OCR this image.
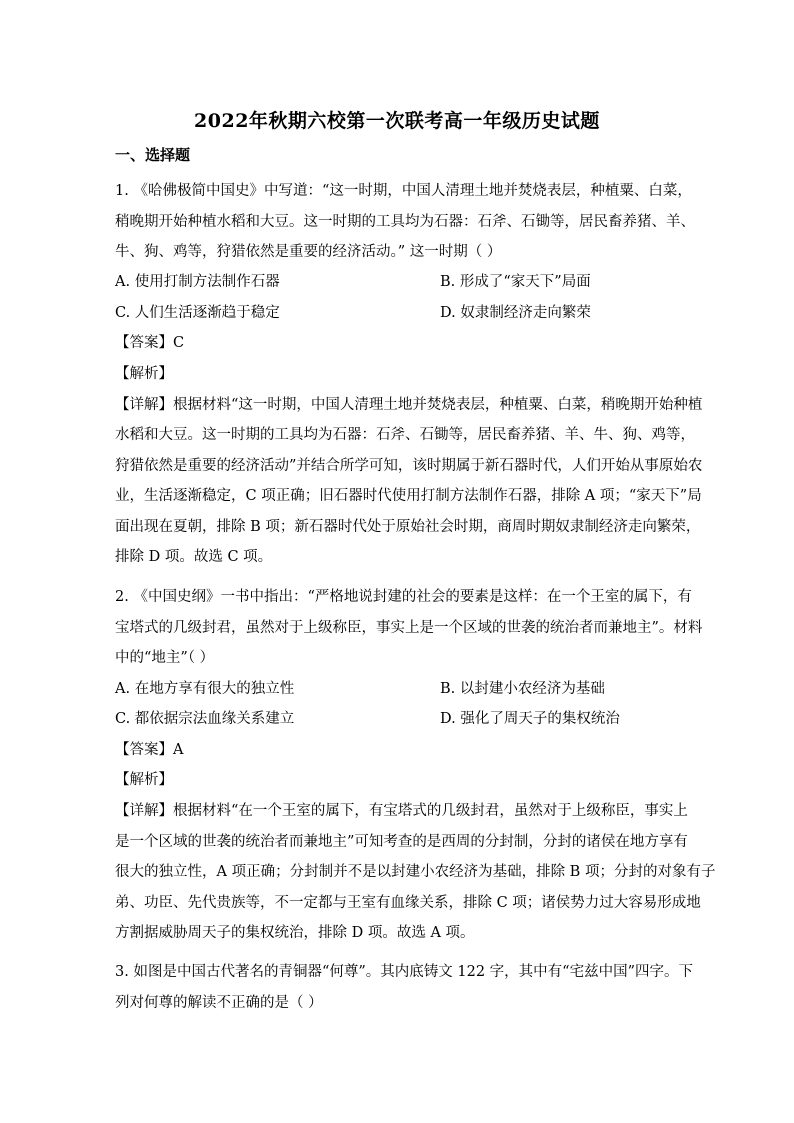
2022年秋期六校第一次联考高一年级历史试题
一、选择题
1. 《哈佛极简中国史》中写道：“这一时期，中国人清理土地并焚烧表层，种植粟、白菜，
稍晚期开始种植水稻和大豆。这一时期的工具均为石器：石斧、石锄等，居民畜养猪、羊、
牛、狗、鸡等，狩猎依然是重要的经济活动。” 这一时期（ ）
A. 使用打制方法制作石器	B. 形成了“家天下”局面
C. 人们生活逐渐趋于稳定	D. 奴隶制经济走向繁荣
【答案】C
【解析】
【详解】根据材料“这一时期，中国人清理土地并焚烧表层，种植粟、白菜，稍晚期开始种植
水稻和大豆。这一时期的工具均为石器：石斧、石锄等，居民畜养猪、羊、牛、狗、鸡等，
狩猎依然是重要的经济活动”并结合所学可知，该时期属于新石器时代，人们开始从事原始农
业，生活逐渐稳定，C 项正确；旧石器时代使用打制方法制作石器，排除 A 项；“家天下”局
面出现在夏朝，排除 B 项；新石器时代处于原始社会时期，商周时期奴隶制经济走向繁荣，
排除 D 项。故选 C 项。
2. 《中国史纲》一书中指出：“严格地说封建的社会的要素是这样：在一个王室的属下，有
宝塔式的几级封君，虽然对于上级称臣，事实上是一个区域的世袭的统治者而兼地主”。材料
中的“地主”（ ）
A. 在地方享有很大的独立性	B. 以封建小农经济为基础
C. 都依据宗法血缘关系建立	D. 强化了周天子的集权统治
【答案】A
【解析】
【详解】根据材料“在一个王室的属下，有宝塔式的几级封君，虽然对于上级称臣，事实上
是一个区域的世袭的统治者而兼地主”可知考查的是西周的分封制，分封的诸侯在地方享有
很大的独立性，A 项正确；分封制并不是以封建小农经济为基础，排除 B 项；分封的对象有子
弟、功臣、先代贵族等，不一定都与王室有血缘关系，排除 C 项；诸侯势力过大容易形成地
方割据威胁周天子的集权统治，排除 D 项。故选 A 项。
3. 如图是中国古代著名的青铜器“何尊”。其内底铸文 122 字，其中有“宅兹中国”四字。下
列对何尊的解读不正确的是（ ）
